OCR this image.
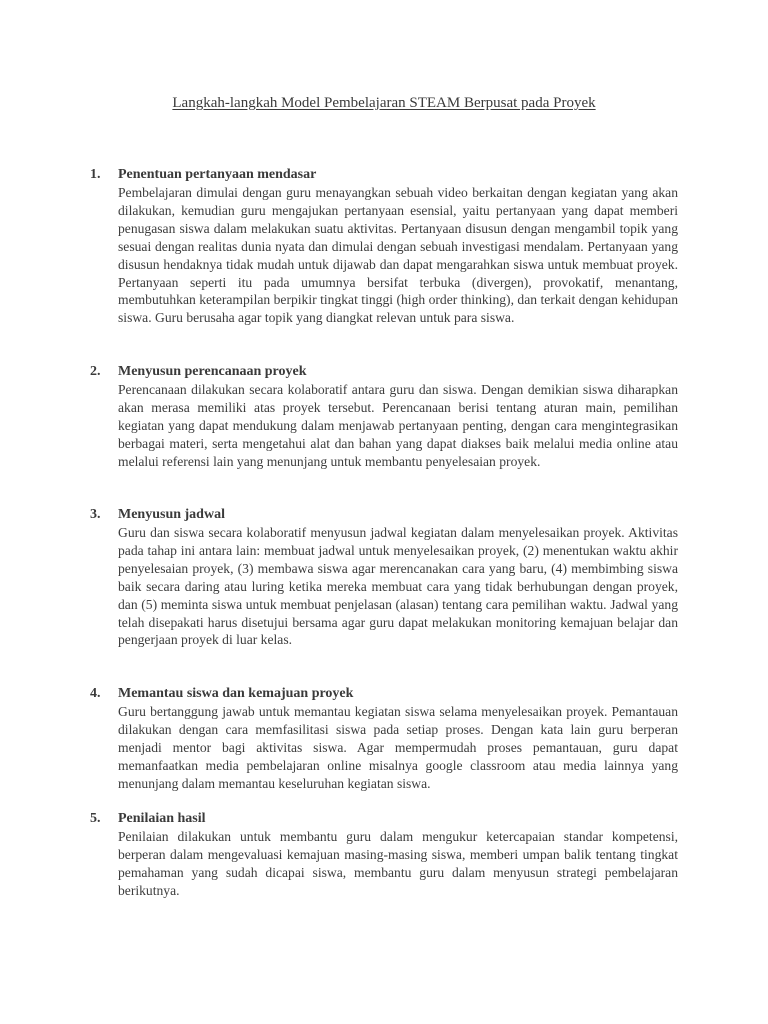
Langkah-langkah Model Pembelajaran STEAM Berpusat pada Proyek
1. Penentuan pertanyaan mendasar

Pembelajaran dimulai dengan guru menayangkan sebuah video berkaitan dengan kegiatan yang akan dilakukan, kemudian guru mengajukan pertanyaan esensial, yaitu pertanyaan yang dapat memberi penugasan siswa dalam melakukan suatu aktivitas. Pertanyaan disusun dengan mengambil topik yang sesuai dengan realitas dunia nyata dan dimulai dengan sebuah investigasi mendalam. Pertanyaan yang disusun hendaknya tidak mudah untuk dijawab dan dapat mengarahkan siswa untuk membuat proyek. Pertanyaan seperti itu pada umumnya bersifat terbuka (divergen), provokatif, menantang, membutuhkan keterampilan berpikir tingkat tinggi (high order thinking), dan terkait dengan kehidupan siswa. Guru berusaha agar topik yang diangkat relevan untuk para siswa.

2. Menyusun perencanaan proyek

Perencanaan dilakukan secara kolaboratif antara guru dan siswa. Dengan demikian siswa diharapkan akan merasa memiliki atas proyek tersebut. Perencanaan berisi tentang aturan main, pemilihan kegiatan yang dapat mendukung dalam menjawab pertanyaan penting, dengan cara mengintegrasikan berbagai materi, serta mengetahui alat dan bahan yang dapat diakses baik melalui media online atau melalui referensi lain yang menunjang untuk membantu penyelesaian proyek.

3. Menyusun jadwal

Guru dan siswa secara kolaboratif menyusun jadwal kegiatan dalam menyelesaikan proyek. Aktivitas pada tahap ini antara lain: membuat jadwal untuk menyelesaikan proyek, (2) menentukan waktu akhir penyelesaian proyek, (3) membawa siswa agar merencanakan cara yang baru, (4) membimbing siswa baik secara daring atau luring ketika mereka membuat cara yang tidak berhubungan dengan proyek, dan (5) meminta siswa untuk membuat penjelasan (alasan) tentang cara pemilihan waktu. Jadwal yang telah disepakati harus disetujui bersama agar guru dapat melakukan monitoring kemajuan belajar dan pengerjaan proyek di luar kelas.

4. Memantau siswa dan kemajuan proyek

Guru bertanggung jawab untuk memantau kegiatan siswa selama menyelesaikan proyek. Pemantauan dilakukan dengan cara memfasilitasi siswa pada setiap proses. Dengan kata lain guru berperan menjadi mentor bagi aktivitas siswa. Agar mempermudah proses pemantauan, guru dapat memanfaatkan media pembelajaran online misalnya google classroom atau media lainnya yang menunjang dalam memantau keseluruhan kegiatan siswa.

5. Penilaian hasil

Penilaian dilakukan untuk membantu guru dalam mengukur ketercapaian standar kompetensi, berperan dalam mengevaluasi kemajuan masing-masing siswa, memberi umpan balik tentang tingkat pemahaman yang sudah dicapai siswa, membantu guru dalam menyusun strategi pembelajaran berikutnya.
